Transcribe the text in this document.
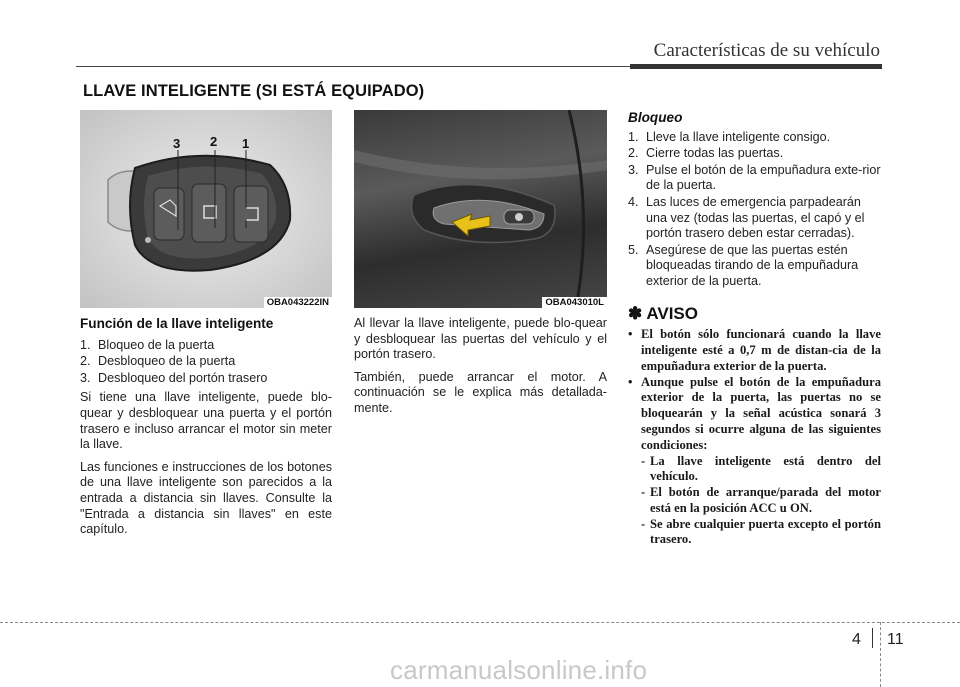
Características de su vehículo
LLAVE INTELIGENTE (SI ESTÁ EQUIPADO)
3 2 1
OBA043222IN	OBA043010L
Función de la llave inteligente
1. Bloqueo de la puerta
2. Desbloqueo de la puerta
3. Desbloqueo del portón trasero

Si tiene una llave inteligente, puede blo-quear y desbloquear una puerta y el portón trasero e incluso arrancar el motor sin meter la llave.

Las funciones e instrucciones de los botones de una llave inteligente son parecidos a la entrada a distancia sin llaves. Consulte la "Entrada a distancia sin llaves" en este capítulo.

Al llevar la llave inteligente, puede blo-quear y desbloquear las puertas del vehículo y el portón trasero.

También, puede arrancar el motor. A continuación se le explica más detallada-mente.

Bloqueo
1. Lleve la llave inteligente consigo.
2. Cierre todas las puertas.
3. Pulse el botón de la empuñadura exte-rior de la puerta.
4. Las luces de emergencia parpadearán una vez (todas las puertas, el capó y el portón trasero deben estar cerradas).
5. Asegúrese de que las puertas estén bloqueadas tirando de la empuñadura exterior de la puerta.
✽ AVISO
• El botón sólo funcionará cuando la llave inteligente esté a 0,7 m de distan-cia de la empuñadura exterior de la puerta.
• Aunque pulse el botón de la empuñadura exterior de la puerta, las puertas no se bloquearán y la señal acústica sonará 3 segundos si ocurre alguna de las siguientes condiciones:
- La llave inteligente está dentro del vehículo.
- El botón de arranque/parada del motor está en la posición ACC u ON.
- Se abre cualquier puerta excepto el portón trasero.
4 11
carmanualsonline.info
